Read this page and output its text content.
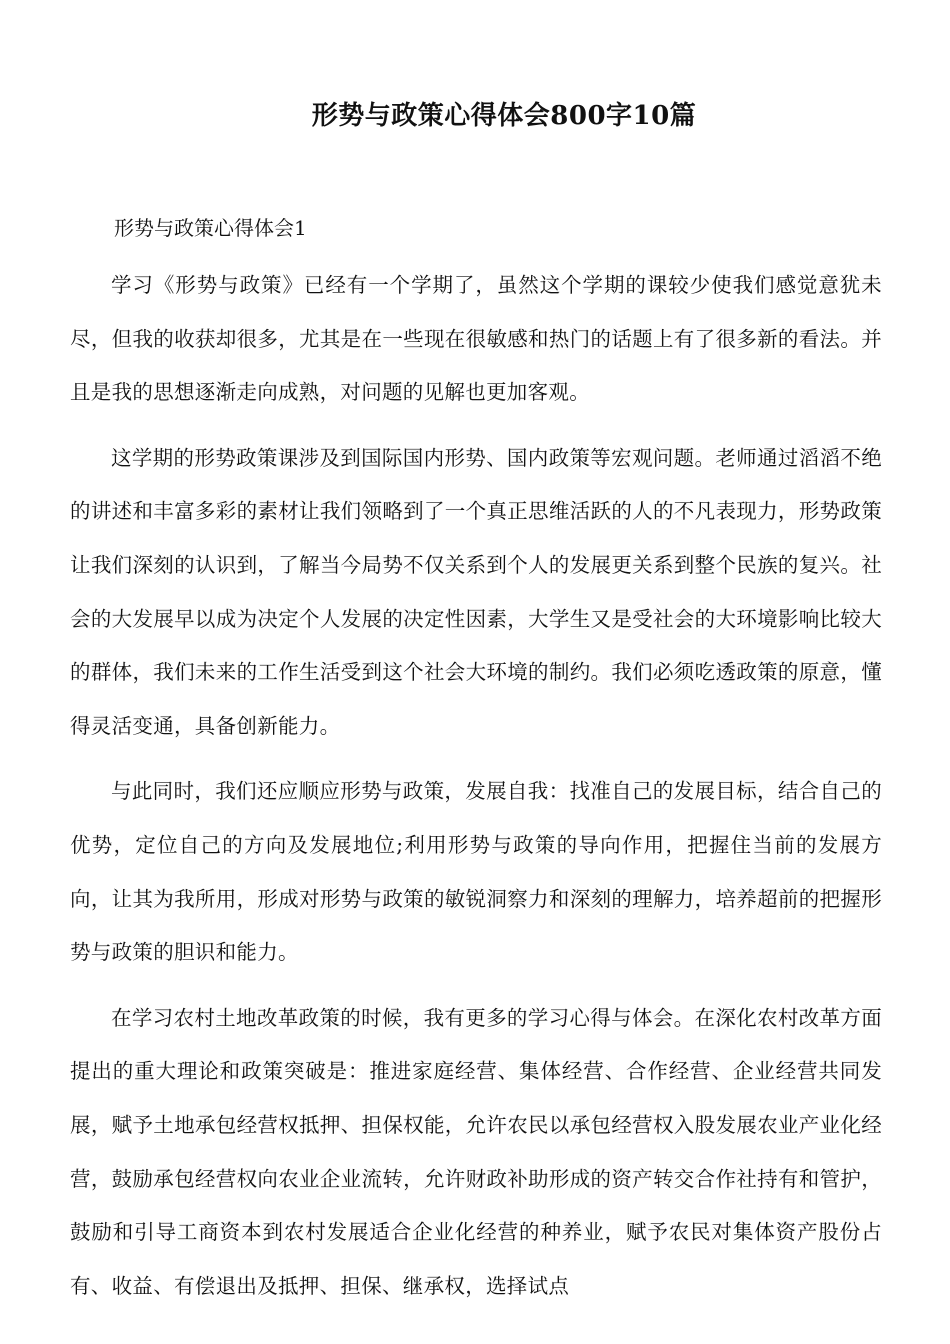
形势与政策心得体会800字10篇

形势与政策心得体会1

学习《形势与政策》已经有一个学期了，虽然这个学期的课较少使我们感觉意犹未尽，但我的收获却很多，尤其是在一些现在很敏感和热门的话题上有了很多新的看法。并且是我的思想逐渐走向成熟，对问题的见解也更加客观。

这学期的形势政策课涉及到国际国内形势、国内政策等宏观问题。老师通过滔滔不绝的讲述和丰富多彩的素材让我们领略到了一个真正思维活跃的人的不凡表现力，形势政策让我们深刻的认识到，了解当今局势不仅关系到个人的发展更关系到整个民族的复兴。社会的大发展早以成为决定个人发展的决定性因素，大学生又是受社会的大环境影响比较大的群体，我们未来的工作生活受到这个社会大环境的制约。我们必须吃透政策的原意，懂得灵活变通，具备创新能力。

与此同时，我们还应顺应形势与政策，发展自我：找准自己的发展目标，结合自己的优势，定位自己的方向及发展地位;利用形势与政策的导向作用，把握住当前的发展方向，让其为我所用，形成对形势与政策的敏锐洞察力和深刻的理解力，培养超前的把握形势与政策的胆识和能力。

在学习农村土地改革政策的时候，我有更多的学习心得与体会。在深化农村改革方面提出的重大理论和政策突破是：推进家庭经营、集体经营、合作经营、企业经营共同发展，赋予土地承包经营权抵押、担保权能，允许农民以承包经营权入股发展农业产业化经营，鼓励承包经营权向农业企业流转，允许财政补助形成的资产转交合作社持有和管护，鼓励和引导工商资本到农村发展适合企业化经营的种养业，赋予农民对集体资产股份占有、收益、有偿退出及抵押、担保、继承权，选择试点
